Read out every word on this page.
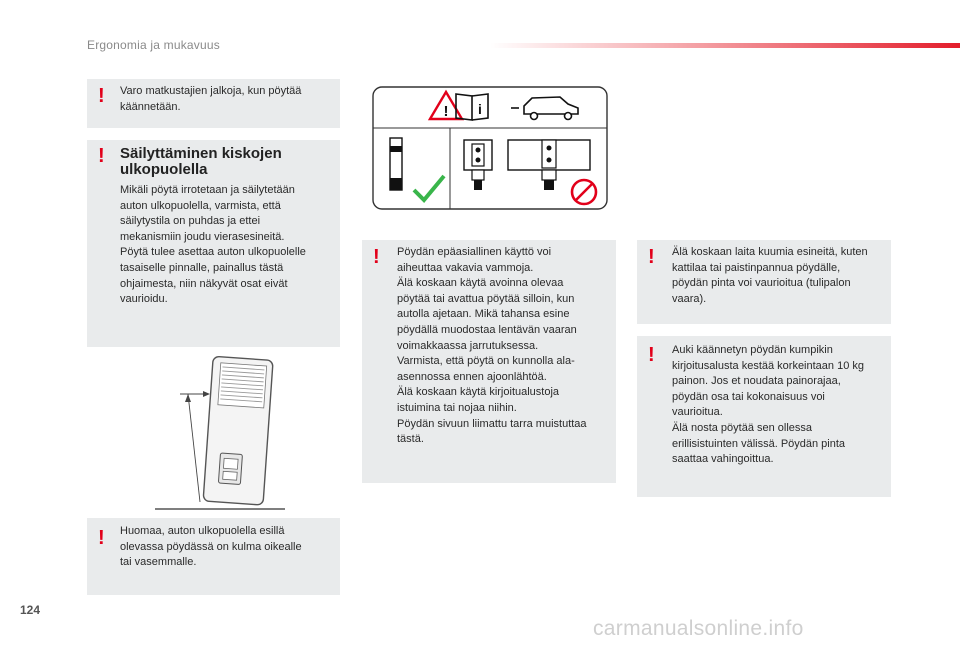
Ergonomia ja mukavuus
! Varo matkustajien jalkoja, kun pöytää
käännetään.
! Säilyttäminen kiskojen
ulkopuolella
Mikäli pöytä irrotetaan ja säilytetään
auton ulkopuolella, varmista, että
säilytystila on puhdas ja ettei
mekanismiin joudu vierasesineitä.
Pöytä tulee asettaa auton ulkopuolelle
tasaiselle pinnalle, painallus tästä
ohjaimesta, niin näkyvät osat eivät
vaurioidu.
! Huomaa, auton ulkopuolella esillä
olevassa pöydässä on kulma oikealle
tai vasemmalle.
! i
! Pöydän epäasiallinen käyttö voi
aiheuttaa vakavia vammoja.
Älä koskaan käytä avoinna olevaa
pöytää tai avattua pöytää silloin, kun
autolla ajetaan. Mikä tahansa esine
pöydällä muodostaa lentävän vaaran
voimakkaassa jarrutuksessa.
Varmista, että pöytä on kunnolla ala-
asennossa ennen ajoonlähtöä.
Älä koskaan käytä kirjoitualustoja
istuimina tai nojaa niihin.
Pöydän sivuun liimattu tarra muistuttaa
tästä.
! Älä koskaan laita kuumia esineitä, kuten
kattilaa tai paistinpannua pöydälle,
pöydän pinta voi vaurioitua (tulipalon
vaara).
! Auki käännetyn pöydän kumpikin
kirjoitusalusta kestää korkeintaan 10 kg
painon. Jos et noudata painorajaa,
pöydän osa tai kokonaisuus voi
vaurioitua.
Älä nosta pöytää sen ollessa
erillisistuinten välissä. Pöydän pinta
saattaa vahingoittua.
124
carmanualsonline.info
